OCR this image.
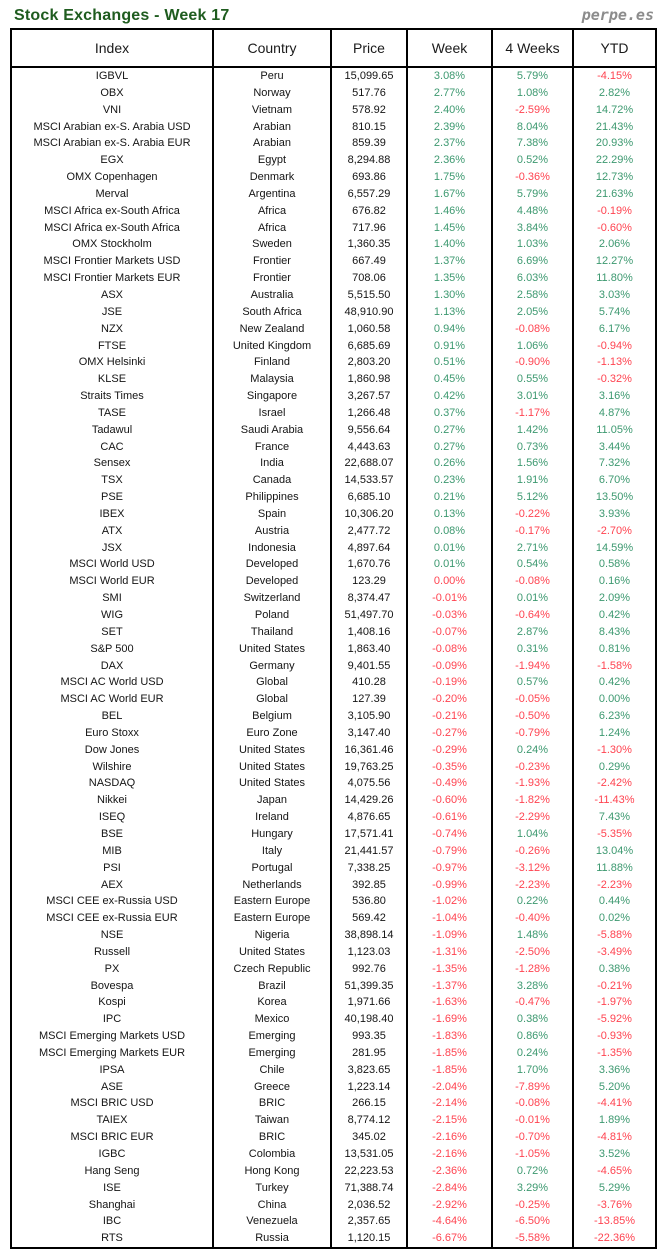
Stock Exchanges - Week 17	perpe.es
Index	Country	Price	Week	4 Weeks	YTD
IGBVL	Peru	15,099.65	3.08%	5.79%	-4.15%
OBX	Norway	517.76	2.77%	1.08%	2.82%
VNI	Vietnam	578.92	2.40%	-2.59%	14.72%
MSCI Arabian ex-S. Arabia USD	Arabian	810.15	2.39%	8.04%	21.43%
MSCI Arabian ex-S. Arabia EUR	Arabian	859.39	2.37%	7.38%	20.93%
EGX	Egypt	8,294.88	2.36%	0.52%	22.29%
OMX Copenhagen	Denmark	693.86	1.75%	-0.36%	12.73%
Merval	Argentina	6,557.29	1.67%	5.79%	21.63%
MSCI Africa ex-South Africa	Africa	676.82	1.46%	4.48%	-0.19%
MSCI Africa ex-South Africa	Africa	717.96	1.45%	3.84%	-0.60%
OMX Stockholm	Sweden	1,360.35	1.40%	1.03%	2.06%
MSCI Frontier Markets USD	Frontier	667.49	1.37%	6.69%	12.27%
MSCI Frontier Markets EUR	Frontier	708.06	1.35%	6.03%	11.80%
ASX	Australia	5,515.50	1.30%	2.58%	3.03%
JSE	South Africa	48,910.90	1.13%	2.05%	5.74%
NZX	New Zealand	1,060.58	0.94%	-0.08%	6.17%
FTSE	United Kingdom	6,685.69	0.91%	1.06%	-0.94%
OMX Helsinki	Finland	2,803.20	0.51%	-0.90%	-1.13%
KLSE	Malaysia	1,860.98	0.45%	0.55%	-0.32%
Straits Times	Singapore	3,267.57	0.42%	3.01%	3.16%
TASE	Israel	1,266.48	0.37%	-1.17%	4.87%
Tadawul	Saudi Arabia	9,556.64	0.27%	1.42%	11.05%
CAC	France	4,443.63	0.27%	0.73%	3.44%
Sensex	India	22,688.07	0.26%	1.56%	7.32%
TSX	Canada	14,533.57	0.23%	1.91%	6.70%
PSE	Philippines	6,685.10	0.21%	5.12%	13.50%
IBEX	Spain	10,306.20	0.13%	-0.22%	3.93%
ATX	Austria	2,477.72	0.08%	-0.17%	-2.70%
JSX	Indonesia	4,897.64	0.01%	2.71%	14.59%
MSCI World USD	Developed	1,670.76	0.01%	0.54%	0.58%
MSCI World EUR	Developed	123.29	0.00%	-0.08%	0.16%
SMI	Switzerland	8,374.47	-0.01%	0.01%	2.09%
WIG	Poland	51,497.70	-0.03%	-0.64%	0.42%
SET	Thailand	1,408.16	-0.07%	2.87%	8.43%
S&P 500	United States	1,863.40	-0.08%	0.31%	0.81%
DAX	Germany	9,401.55	-0.09%	-1.94%	-1.58%
MSCI AC World USD	Global	410.28	-0.19%	0.57%	0.42%
MSCI AC World EUR	Global	127.39	-0.20%	-0.05%	0.00%
BEL	Belgium	3,105.90	-0.21%	-0.50%	6.23%
Euro Stoxx	Euro Zone	3,147.40	-0.27%	-0.79%	1.24%
Dow Jones	United States	16,361.46	-0.29%	0.24%	-1.30%
Wilshire	United States	19,763.25	-0.35%	-0.23%	0.29%
NASDAQ	United States	4,075.56	-0.49%	-1.93%	-2.42%
Nikkei	Japan	14,429.26	-0.60%	-1.82%	-11.43%
ISEQ	Ireland	4,876.65	-0.61%	-2.29%	7.43%
BSE	Hungary	17,571.41	-0.74%	1.04%	-5.35%
MIB	Italy	21,441.57	-0.79%	-0.26%	13.04%
PSI	Portugal	7,338.25	-0.97%	-3.12%	11.88%
AEX	Netherlands	392.85	-0.99%	-2.23%	-2.23%
MSCI CEE ex-Russia USD	Eastern Europe	536.80	-1.02%	0.22%	0.44%
MSCI CEE ex-Russia EUR	Eastern Europe	569.42	-1.04%	-0.40%	0.02%
NSE	Nigeria	38,898.14	-1.09%	1.48%	-5.88%
Russell	United States	1,123.03	-1.31%	-2.50%	-3.49%
PX	Czech Republic	992.76	-1.35%	-1.28%	0.38%
Bovespa	Brazil	51,399.35	-1.37%	3.28%	-0.21%
Kospi	Korea	1,971.66	-1.63%	-0.47%	-1.97%
IPC	Mexico	40,198.40	-1.69%	0.38%	-5.92%
MSCI Emerging Markets USD	Emerging	993.35	-1.83%	0.86%	-0.93%
MSCI Emerging Markets EUR	Emerging	281.95	-1.85%	0.24%	-1.35%
IPSA	Chile	3,823.65	-1.85%	1.70%	3.36%
ASE	Greece	1,223.14	-2.04%	-7.89%	5.20%
MSCI BRIC USD	BRIC	266.15	-2.14%	-0.08%	-4.41%
TAIEX	Taiwan	8,774.12	-2.15%	-0.01%	1.89%
MSCI BRIC EUR	BRIC	345.02	-2.16%	-0.70%	-4.81%
IGBC	Colombia	13,531.05	-2.16%	-1.05%	3.52%
Hang Seng	Hong Kong	22,223.53	-2.36%	0.72%	-4.65%
ISE	Turkey	71,388.74	-2.84%	3.29%	5.29%
Shanghai	China	2,036.52	-2.92%	-0.25%	-3.76%
IBC	Venezuela	2,357.65	-4.64%	-6.50%	-13.85%
RTS	Russia	1,120.15	-6.67%	-5.58%	-22.36%
